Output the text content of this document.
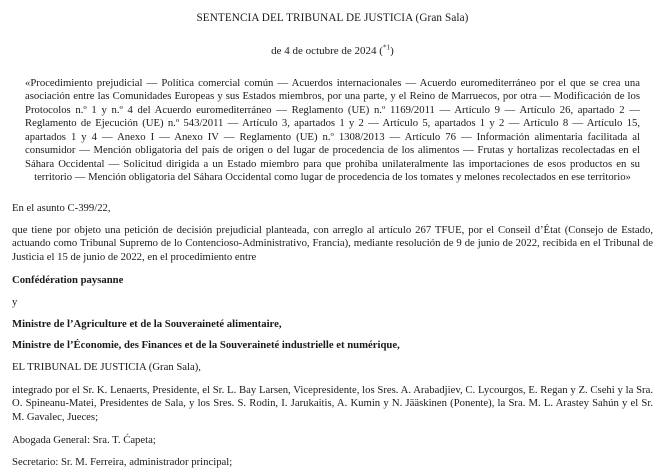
SENTENCIA DEL TRIBUNAL DE JUSTICIA (Gran Sala)
de 4 de octubre de 2024 ($^{*1}$)
«Procedimiento prejudicial — Política comercial común — Acuerdos internacionales — Acuerdo euromediterráneo por el que se crea una asociación entre las Comunidades Europeas y sus Estados miembros, por una parte, y el Reino de Marruecos, por otra — Modificación de los Protocolos n.º 1 y n.º 4 del Acuerdo euromediterráneo — Reglamento (UE) n.º 1169/2011 — Artículo 9 — Artículo 26, apartado 2 — Reglamento de Ejecución (UE) n.º 543/2011 — Artículo 3, apartados 1 y 2 — Artículo 5, apartados 1 y 2 — Artículo 8 — Artículo 15, apartados 1 y 4 — Anexo I — Anexo IV — Reglamento (UE) n.º 1308/2013 — Artículo 76 — Información alimentaria facilitada al consumidor — Mención obligatoria del país de origen o del lugar de procedencia de los alimentos — Frutas y hortalizas recolectadas en el Sáhara Occidental — Solicitud dirigida a un Estado miembro para que prohíba unilateralmente las importaciones de esos productos en su territorio — Mención obligatoria del Sáhara Occidental como lugar de procedencia de los tomates y melones recolectados en ese territorio»

En el asunto C-399/22,

que tiene por objeto una petición de decisión prejudicial planteada, con arreglo al artículo 267 TFUE, por el Conseil d’État (Consejo de Estado, actuando como Tribunal Supremo de lo Contencioso-Administrativo, Francia), mediante resolución de 9 de junio de 2022, recibida en el Tribunal de Justicia el 15 de junio de 2022, en el procedimiento entre

Confédération paysanne

y

Ministre de l’Agriculture et de la Souveraineté alimentaire,

Ministre de l’Économie, des Finances et de la Souveraineté industrielle et numérique,

EL TRIBUNAL DE JUSTICIA (Gran Sala),

integrado por el Sr. K. Lenaerts, Presidente, el Sr. L. Bay Larsen, Vicepresidente, los Sres. A. Arabadjiev, C. Lycourgos, E. Regan y Z. Csehi y la Sra. O. Spineanu-Matei, Presidentes de Sala, y los Sres. S. Rodin, I. Jarukaitis, A. Kumin y N. Jääskinen (Ponente), la Sra. M. L. Arastey Sahún y el Sr. M. Gavalec, Jueces;

Abogada General: Sra. T. Ćapeta;

Secretario: Sr. M. Ferreira, administrador principal;
